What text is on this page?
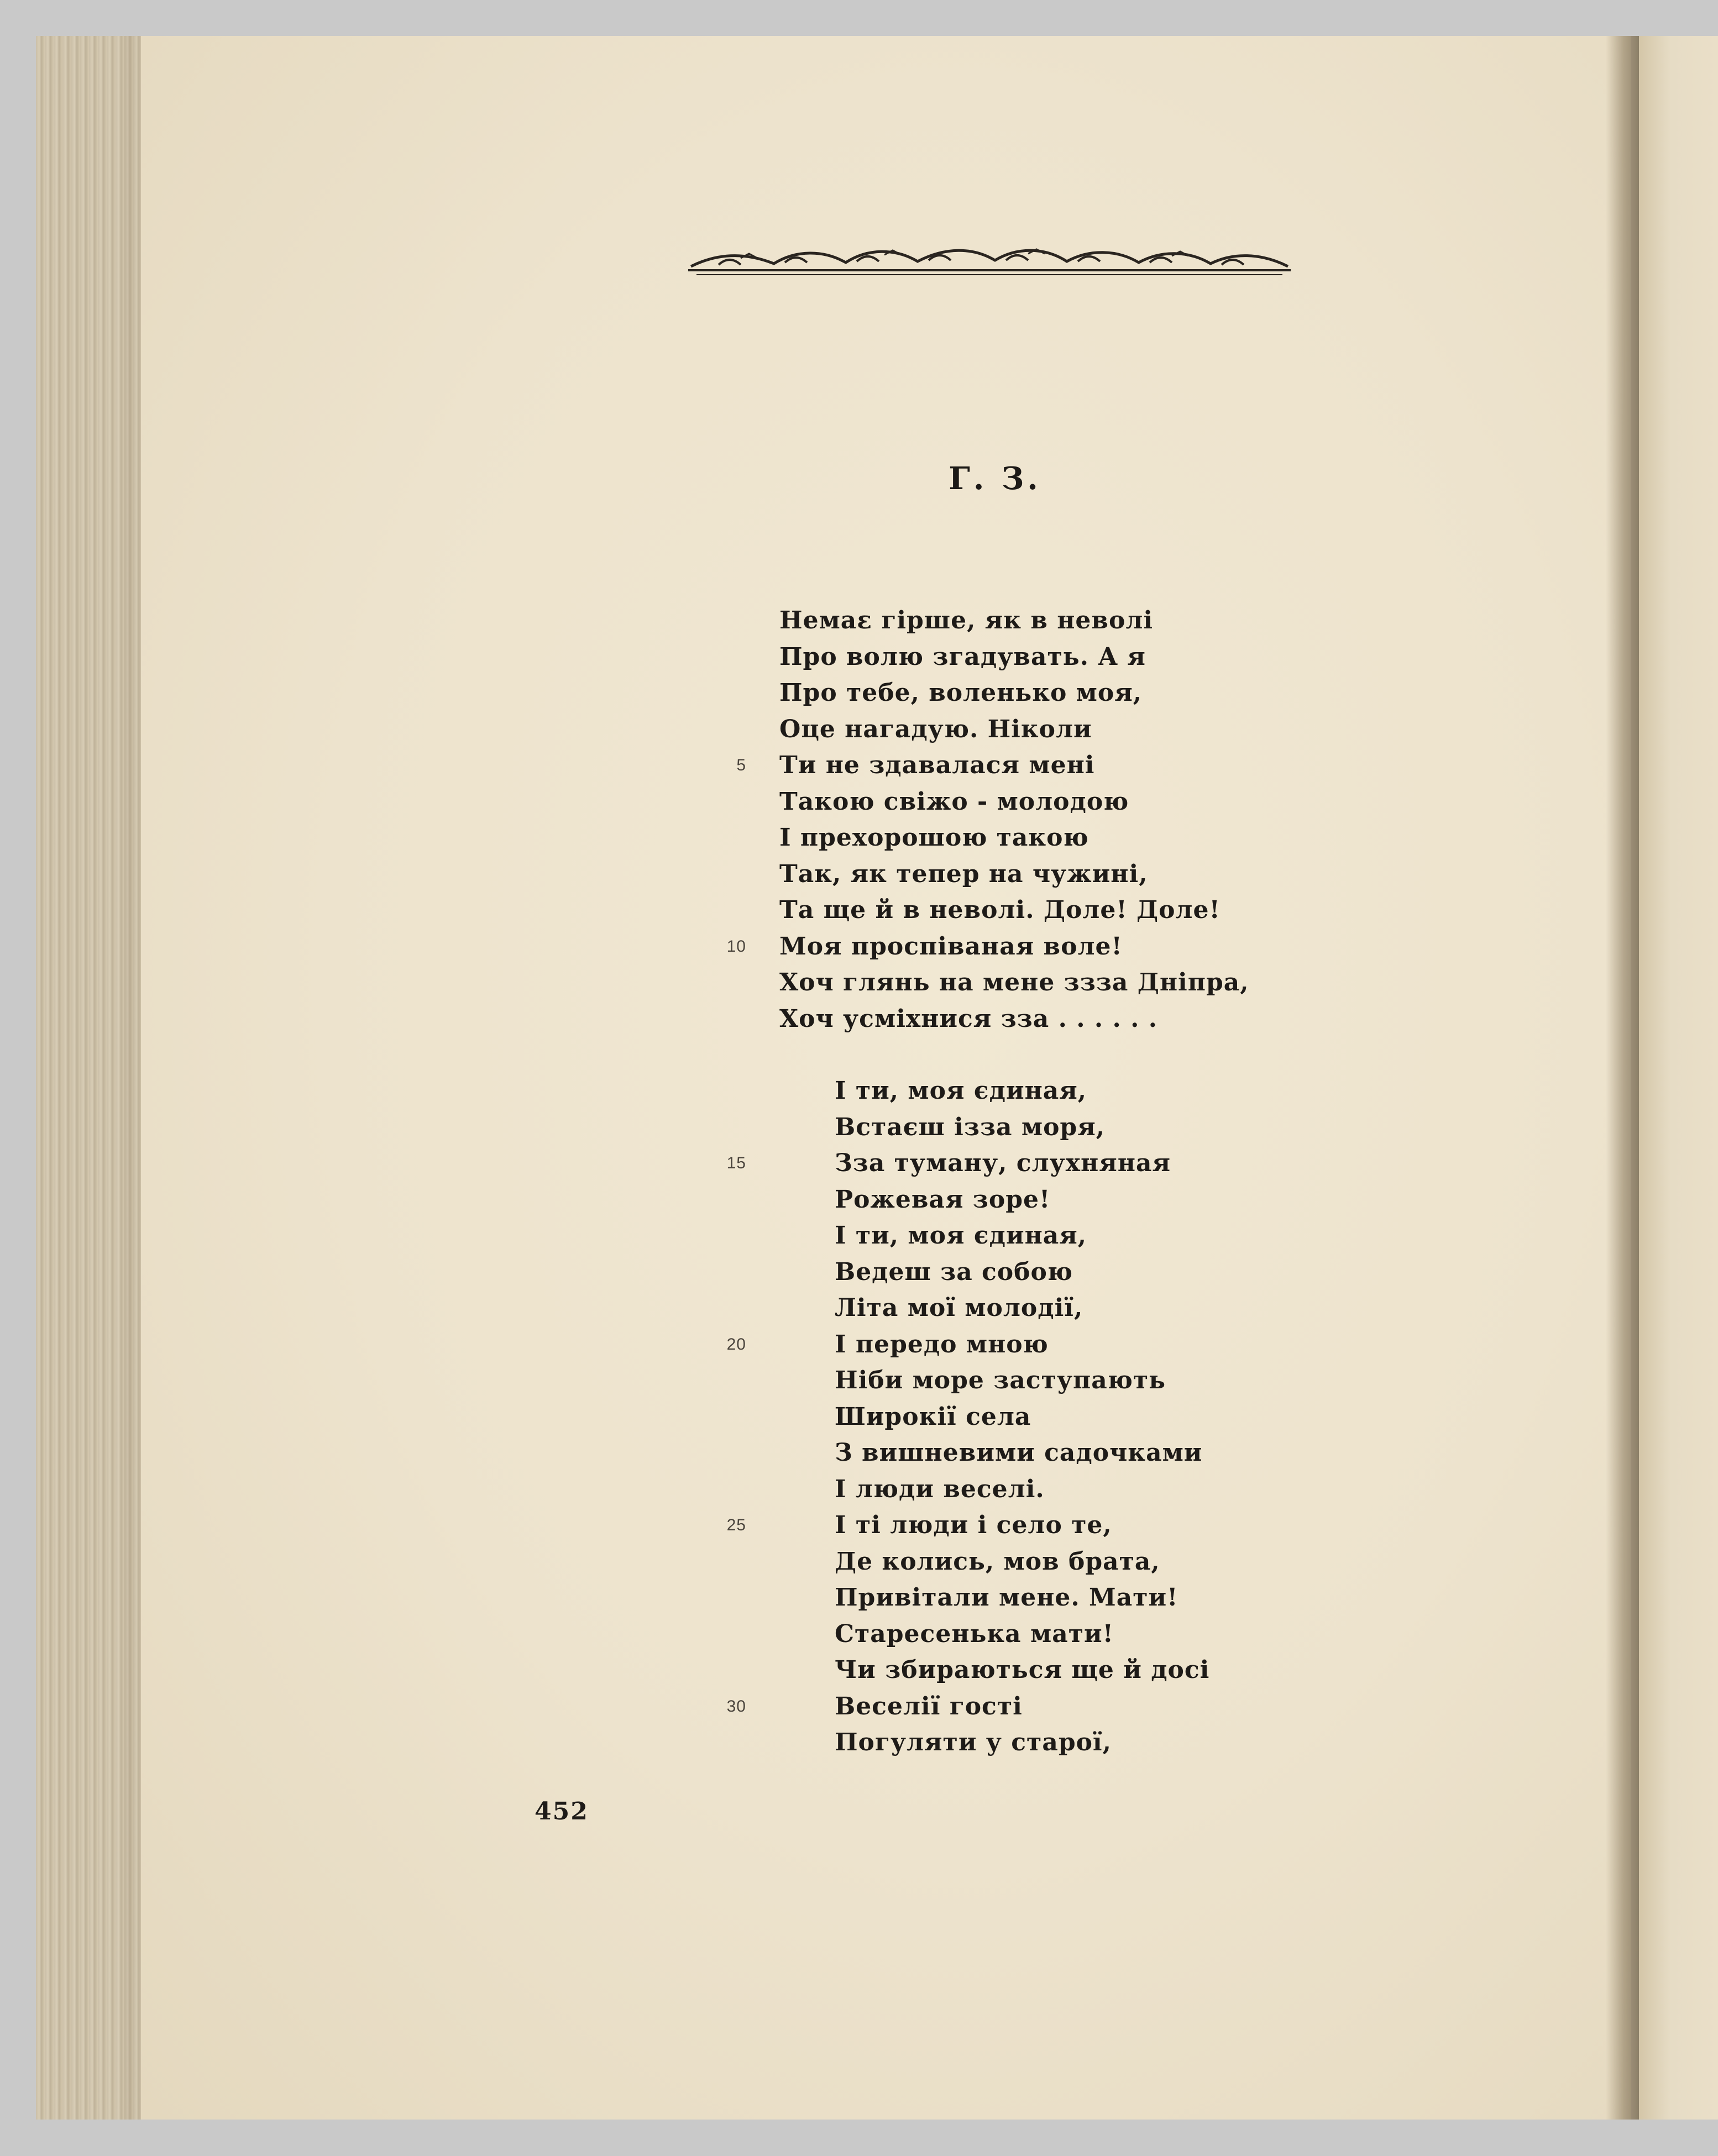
Г. З.
Немаɛ гірше, як в неволі
Про волю згадувать. А я
Про тебе, воленько моя,
Оце нагадую. Ніколи
5 Ти не здавалася мені
Такою свіжо - молодою
І прехорошою такою
Так, як тепер на чужині,
Та ще й в неволі. Доле! Доле!
10 Моя проспіваная воле!
Хоч глянь на мене ззза Дніпра,
Хоч усміхнися зза . . . . . .
І ти, моя єдиная,
Встаєш ізза моря,
15	Зза туману, слухняная
Рожевая зоре!
І ти, моя єдиная,
Ведеш за собою
Літа мої молодії,
20	І передо мною
Ніби море заступають
Широкії села
З вишневими садочками
І люди веселі.
25	І ті люди і село те,
Де колись, мов брата,
Привітали мене. Мати!
Старесенька мати!
Чи збираються ще й досі
30	Веселії гості
Погуляти у старої,
452
